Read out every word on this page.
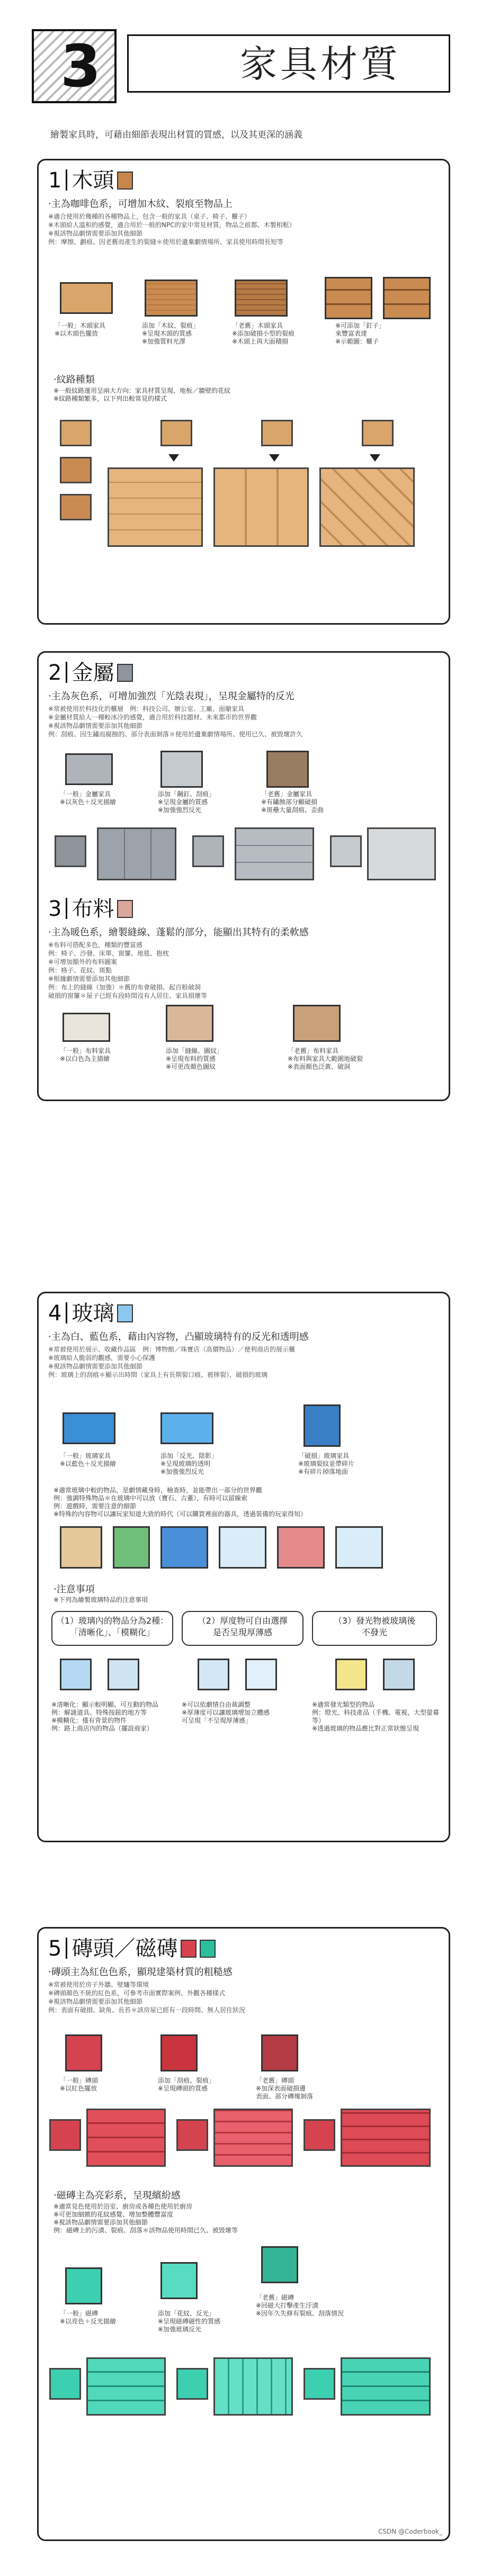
3	家具材質
繪製家具時，可藉由細節表現出材質的質感，以及其更深的涵義
1 木頭
‧主為咖啡色系，可增加木紋、裂痕至物品上
※適合使用於幾種的各種物品上，包含一般的家具（桌子、椅子、櫃子）
※木頭給人溫和的感覺，適合用於一般的NPC的家中常見材質，物品之前都、木製相框）
※視該物品劇情需要添加其他細節
例：摩擦、劃痕、因老舊而產生的裂縫＊使用於遺棄劇情場所、家具使用時間長短等
「一般」木頭家具
※以木頭色擺放
添加「木紋、裂痕」
※呈現木頭的質感
※加強質料光澤
「老舊」木頭家具
※添加破損小型的裂痕
※木頭上再大面積損
※可添加「釘子」
來豐富表達
※示範圖：櫃子
‧紋路種類
※一般紋路運用呈兩大方向：家具材質呈現、地板／牆壁的花紋
※紋路種類繁多，以下列出較常見的樣式
2 金屬
‧主為灰色系，可增加強烈「光陰表現」，呈現金屬特的反光
※常被使用於科技化的櫃層　例：科技公司、辦公室、工廠、面艙家具
※金屬材質給人一種較冰冷的感覺，適合用於科技題材、未來都市的世界觀
※視該物品劇情需要添加其他細節
例：刮痕、因生鏽而腐蝕的、部分表面剝落＊使用於遺棄劇情場所、使用已久、被毀壞許久
「一般」金屬家具
※以灰色＋反光描繪
添加「鋼釘、刮痕」
※呈現金屬的質感
※加強強烈反光
「老舊」金屬家具
※有鏽蝕部分顯破損
※斑壘大量刮痕、歪曲
3 布料
‧主為暖色系，繪製縫線、蓬鬆的部分，能顯出其特有的柔軟感
※布料可搭配多色，種類的豐富感
例：椅子、沙發、床單、窗簾、地毯、抱枕
※可增加額外的布料圖案
例：格子、花紋、斑點
※根據劇情需要添加其他細節
例：布上的縫線（加強）＊舊的布會破損、起百般破洞
破損的窗簾＊屋子已經有段時間沒有人居住、家具損壞等
「一般」布料家具
※以白色為主描繪
添加「縫線、圖紋」
※呈現布料的質感
※可更改顏色圖紋
「老舊」布料家具
※布料與家具大範圍地破裂
※表面顏色泛黃、破洞
4 玻璃
‧主為白、藍色系，藉由內容物，凸顯玻璃特有的反光和透明感
※常被使用於展示、收藏作品區　例：博物館／珠寶店（高價物品）／便利商店的展示櫃
※玻璃給人脆弱的觀感，需要小心保護
※視該物品劇情需要添加其他細節
例：玻璃上的刮痕＊顯示出時間（家具上有長期裂口痕、被摔裂），破損的玻璃
「一般」玻璃家具
※以藍色＋反光描繪
添加「反光、陰影」
※呈現玻璃的透明
※加強強烈反光
「破損」玻璃家具
※玻璃裂紋並帶碎片
※有碎片掉落地面
※適常玻璃中較的物品，是劇情藏身時，檢查時，並能帶出一部分的世界觀
例：強調特殊物品＊在玻璃中可以放（寶石、古董），有時可以留線索
例：遊戲時，需要注意的細節
※特殊的內容物可以讓玩家知道大致的時代（可以購買裡面的器具，透過裝備的玩家得知）
‧注意事項
※下列為繪製玻璃特品的注意事項
（1）玻璃內的物品分為2種：
「清晰化」、「模糊化」
（2）厚度物可自由選擇
是否呈現厚薄感
（3）發光物被玻璃後
不發光
※清晰化：顯示較明顯、可互動的物品
例：解謎道具、特殊按鈕的地方等
※模糊化：僅有背景的物件
例：路上商店內的物品（擺設商家）
※可以依劇情自由裁調整
※厚薄度可以讓玻璃增加立體感
可呈現「不呈現厚薄感」
※適常發光類型的物品
例：燈光、科技產品（手機、電視，大型螢幕等）
※透過玻璃的物品應比對正常狀態呈現
5 磚頭／磁磚
‧磚頭主為紅色色系，顯現建築材質的粗糙感
※常被使用於房子外牆、壁爐等環境
※磚頭顏色不統的紅色系，可參考市面實際案例、外觀各種樣式
※視該物品劇情需要添加其他細節
例：表面有破損、缺角、長苔＊該房屋已經有一段時間、無人居住狀況
「一般」磚頭
※以紅色擺放
添加「刮痕、裂痕」
※呈現磚頭的質感
「老舊」磚頭
※加深表面破損邊
表面、部分磚塊剝落
‧磁磚主為亮彩系，呈現繽紛感
※適常見色使用於浴室、廚房或各種色使用於廚房
※可更加細緻的花紋感覺、增加整體豐富度
※視該物品劇情需要添加其他細節
例：磁磚上的污漬、裂痕、刮落＊該物品使用時間已久、被毀壞等
「一般」磁磚
※以亮色＋反光描繪
添加「花紋、反光」
※呈現磁磚磁性的質感
※加強玻璃反光
「老舊」磁磚
※回磁大打擊產生汙漬
※因年久失修有裂痕、刮落情況
CSDN @Coderbook_
